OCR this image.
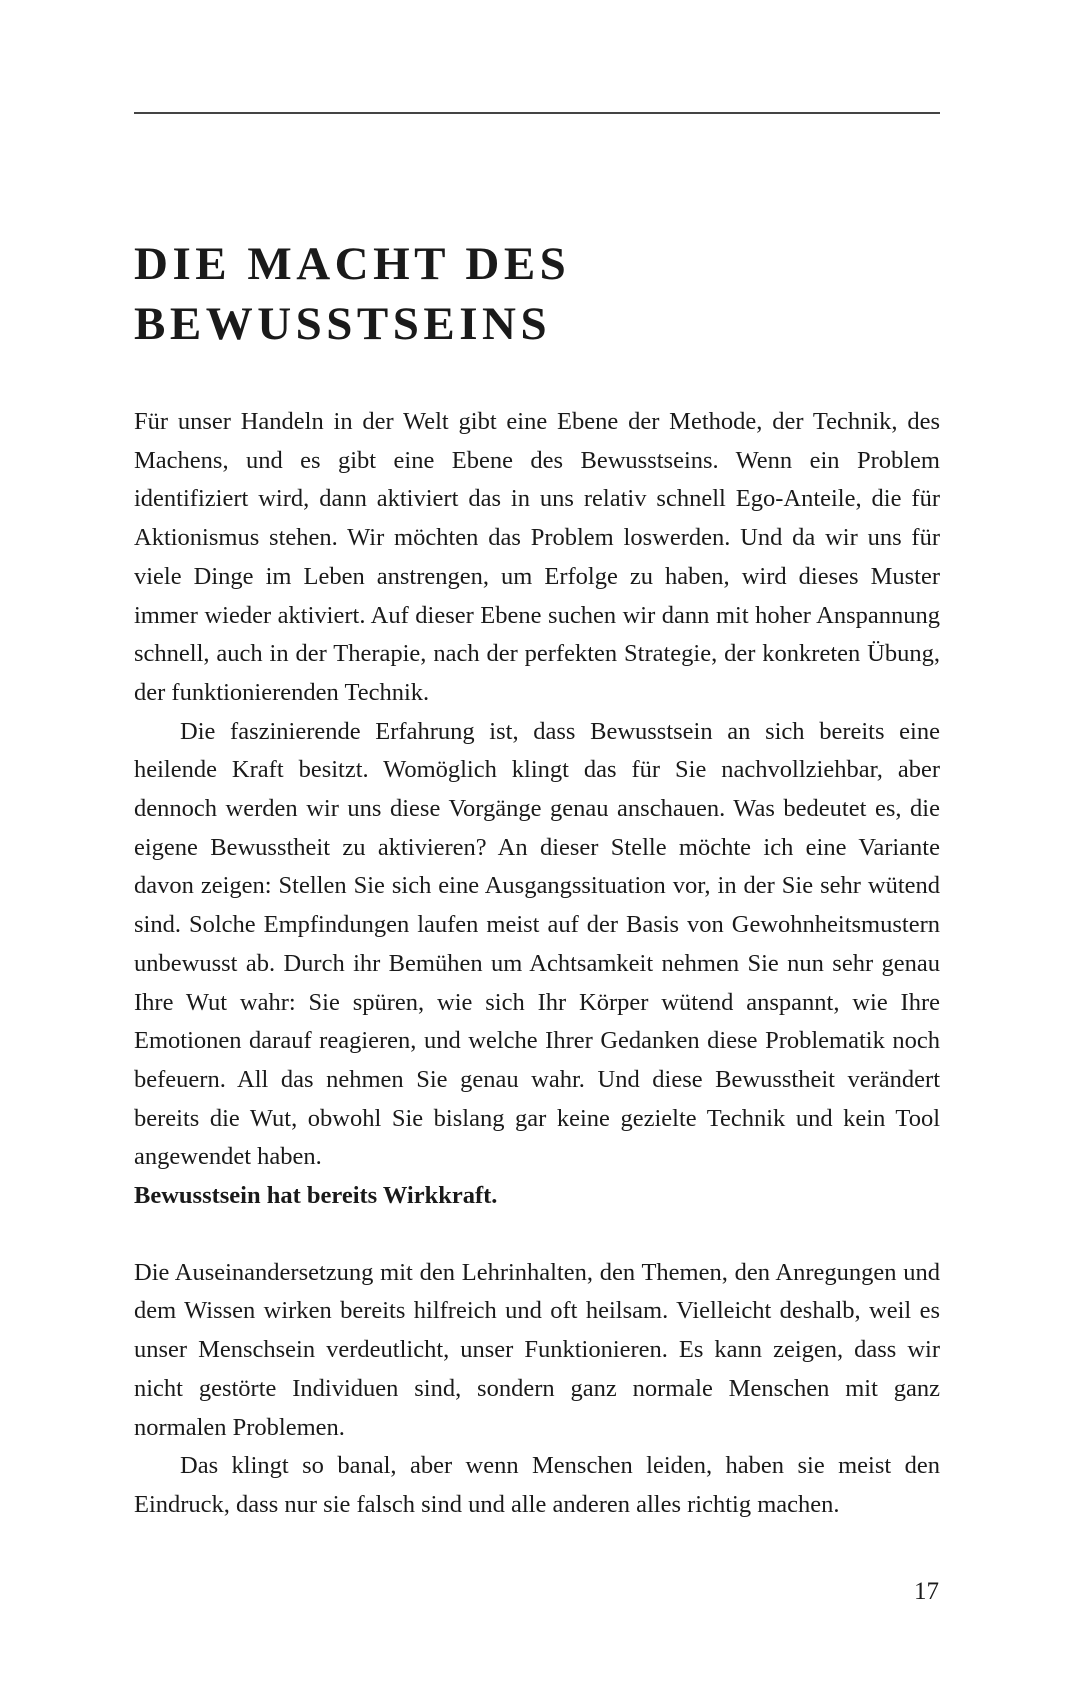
DIE MACHT DES
BEWUSSTSEINS

Für unser Handeln in der Welt gibt eine Ebene der Methode, der Technik, des Machens, und es gibt eine Ebene des Bewusstseins. Wenn ein Problem identifiziert wird, dann aktiviert das in uns relativ schnell Ego-Anteile, die für Aktionismus stehen. Wir möchten das Problem loswerden. Und da wir uns für viele Dinge im Leben anstrengen, um Erfolge zu haben, wird dieses Muster immer wieder aktiviert. Auf dieser Ebene suchen wir dann mit hoher Anspannung schnell, auch in der Therapie, nach der perfekten Strategie, der konkreten Übung, der funktionierenden Technik.

Die faszinierende Erfahrung ist, dass Bewusstsein an sich bereits eine heilende Kraft besitzt. Womöglich klingt das für Sie nachvollziehbar, aber dennoch werden wir uns diese Vorgänge genau anschauen. Was bedeutet es, die eigene Bewusstheit zu aktivieren? An dieser Stelle möchte ich eine Variante davon zeigen: Stellen Sie sich eine Ausgangssituation vor, in der Sie sehr wütend sind. Solche Empfindungen laufen meist auf der Basis von Gewohnheitsmustern unbewusst ab. Durch ihr Bemühen um Achtsamkeit nehmen Sie nun sehr genau Ihre Wut wahr: Sie spüren, wie sich Ihr Körper wütend anspannt, wie Ihre Emotionen darauf reagieren, und welche Ihrer Gedanken diese Problematik noch befeuern. All das nehmen Sie genau wahr. Und diese Bewusstheit verändert bereits die Wut, obwohl Sie bislang gar keine gezielte Technik und kein Tool angewendet haben.
Bewusstsein hat bereits Wirkkraft.

Die Auseinandersetzung mit den Lehrinhalten, den Themen, den Anregungen und dem Wissen wirken bereits hilfreich und oft heilsam. Vielleicht deshalb, weil es unser Menschsein verdeutlicht, unser Funktionieren. Es kann zeigen, dass wir nicht gestörte Individuen sind, sondern ganz normale Menschen mit ganz normalen Problemen.

Das klingt so banal, aber wenn Menschen leiden, haben sie meist den Eindruck, dass nur sie falsch sind und alle anderen alles richtig machen.

17
